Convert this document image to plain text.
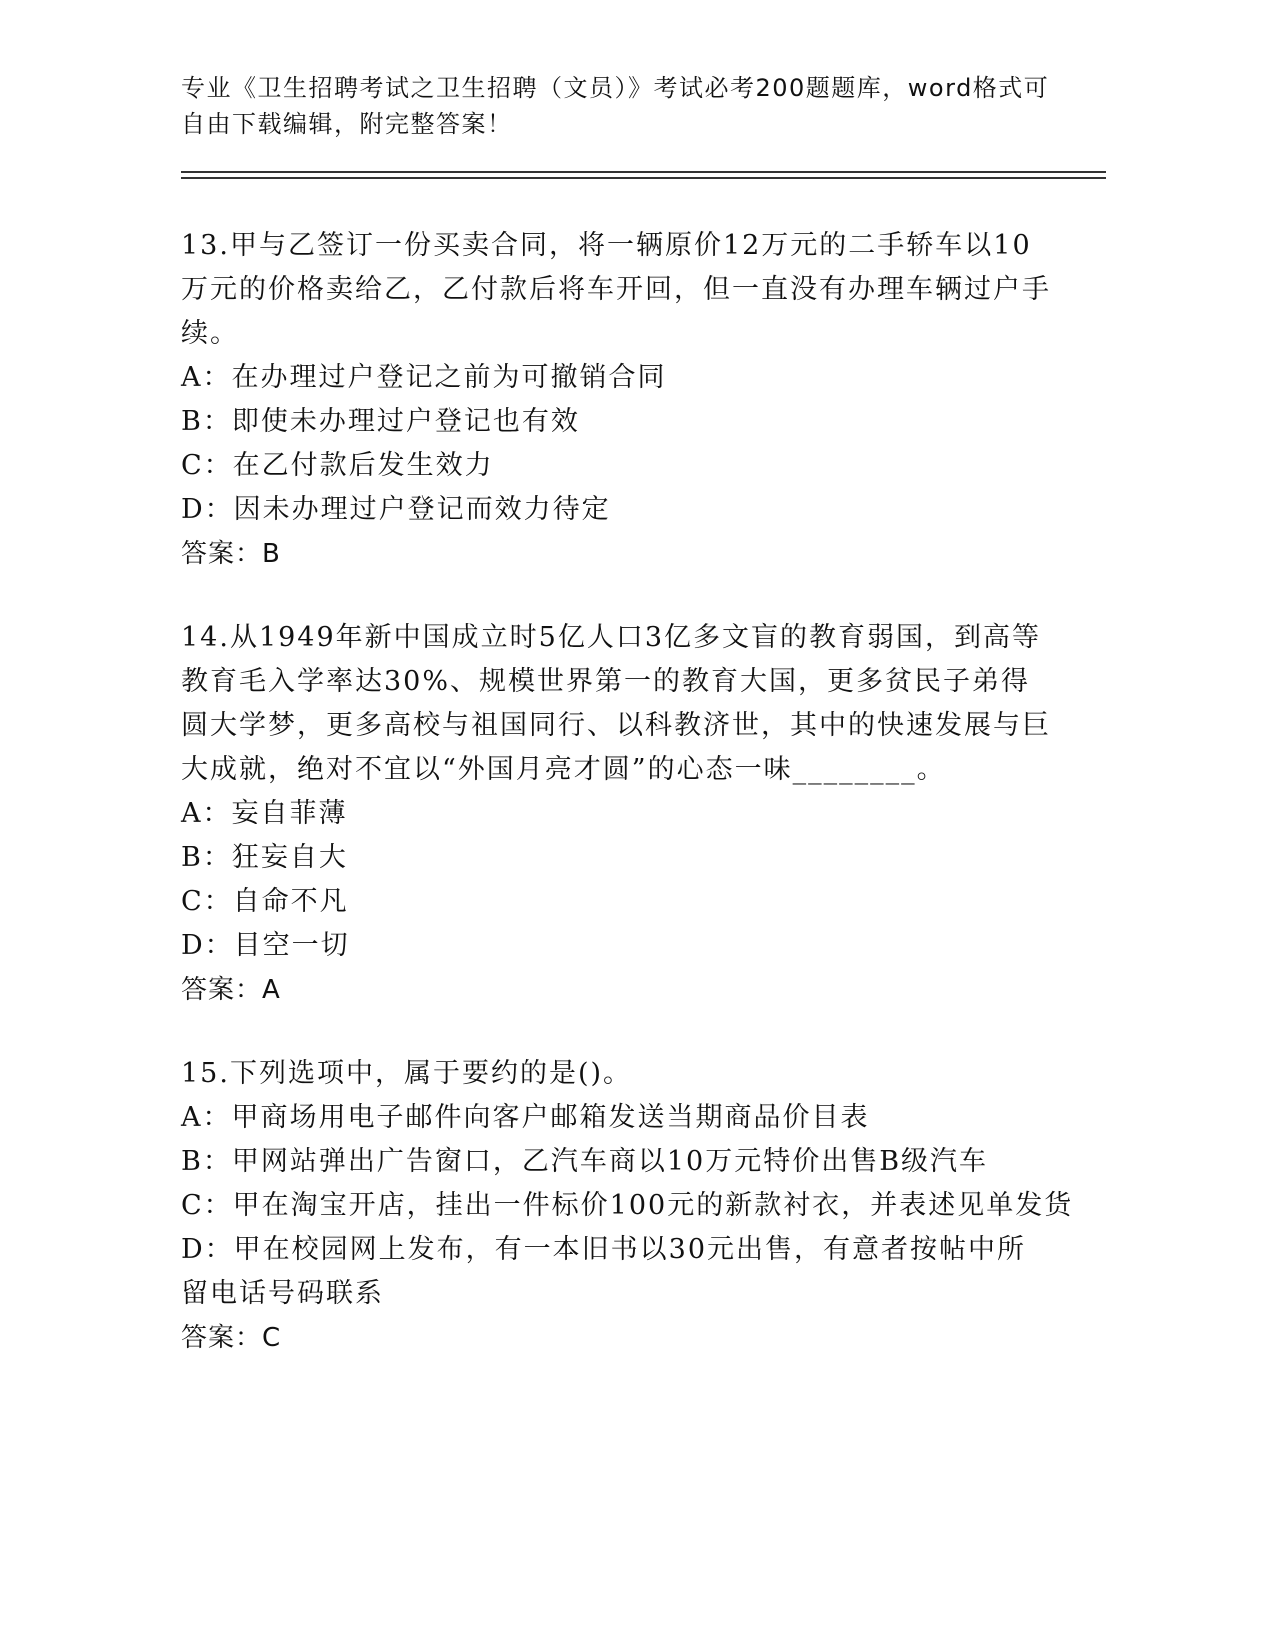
专业《卫生招聘考试之卫生招聘（文员）》考试必考200题题库，word格式可自由下载编辑，附完整答案！
13.甲与乙签订一份买卖合同，将一辆原价12万元的二手轿车以10万元的价格卖给乙，乙付款后将车开回，但一直没有办理车辆过户手续。
A：在办理过户登记之前为可撤销合同
B：即使未办理过户登记也有效
C：在乙付款后发生效力
D：因未办理过户登记而效力待定
答案：B
14.从1949年新中国成立时5亿人口3亿多文盲的教育弱国，到高等教育毛入学率达30%、规模世界第一的教育大国，更多贫民子弟得圆大学梦，更多高校与祖国同行、以科教济世，其中的快速发展与巨大成就，绝对不宜以“外国月亮才圆”的心态一味________。
A：妄自菲薄
B：狂妄自大
C：自命不凡
D：目空一切
答案：A
15.下列选项中，属于要约的是()。
A：甲商场用电子邮件向客户邮箱发送当期商品价目表
B：甲网站弹出广告窗口，乙汽车商以10万元特价出售B级汽车
C：甲在淘宝开店，挂出一件标价100元的新款衬衣，并表述见单发货
D：甲在校园网上发布，有一本旧书以30元出售，有意者按帖中所留电话号码联系
答案：C
